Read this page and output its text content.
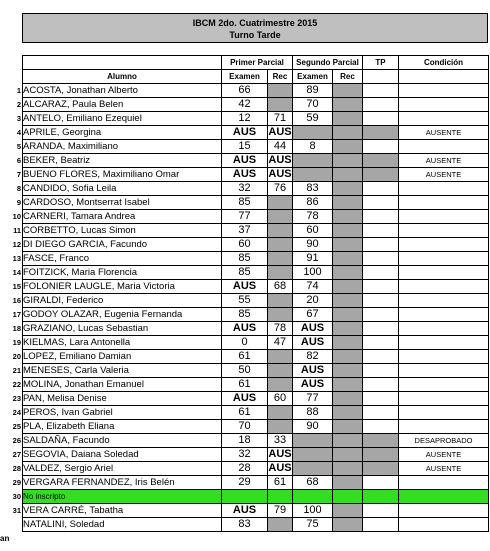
IBCM 2do. Cuatrimestre 2015
Turno Tarde
	Primer Parcial		Segundo Parcial		TP	Condición
Alumno	Examen	Rec	Examen	Rec		

1 ACOSTA, Jonathan Alberto	66		89			

2 ALCARAZ, Paula Belen	42		70			

3 ANTELO, Emiliano Ezequiel	12	71	59			

4 APRILE, Georgina	AUS	AUS				AUSENTE

5 ARANDA, Maximiliano	15	44	8			

6 BEKER, Beatriz	AUS	AUS				AUSENTE

7 BUENO FLORES, Maximiliano Omar	AUS	AUS				AUSENTE

8 CANDIDO, Sofia Leila	32	76	83			

9 CARDOSO, Montserrat Isabel	85		86			

10 CARNERI, Tamara Andrea	77		78			

11 CORBETTO, Lucas Simon	37		60			

12 DI DIEGO GARCIA, Facundo	60		90			

13 FASCE, Franco	85		91			

14 FOITZICK, Maria Florencia	85		100			

15 FOLONIER LAUGLE, Maria Victoria	AUS	68	74			

16 GIRALDI, Federico	55		20			

17 GODOY OLAZAR, Eugenia Fernanda	85		67			

18 GRAZIANO, Lucas Sebastian	AUS	78	AUS			

19 KIELMAS, Lara Antonella	0	47	AUS			

20 LOPEZ, Emiliano Damian	61		82			

21 MENESES, Carla Valeria	50		AUS			

22 MOLINA, Jonathan Emanuel	61		AUS			

23 PAN, Melisa Denise	AUS	60	77			

24 PEROS, Ivan Gabriel	61		88			

25 PLA, Elizabeth Eliana	70		90			

26 SALDAÑA, Facundo	18	33				DESAPROBADO

27 SEGOVIA, Daiana Soledad	32	AUS				AUSENTE

28 VALDEZ, Sergio Ariel	28	AUS				AUSENTE

29 VERGARA FERNANDEZ, Iris Belén	29	61	68			

30 No inscripto						

31 VERA CARRÉ, Tabatha	AUS	79	100			

NATALINI, Soledad	83		75			
an
